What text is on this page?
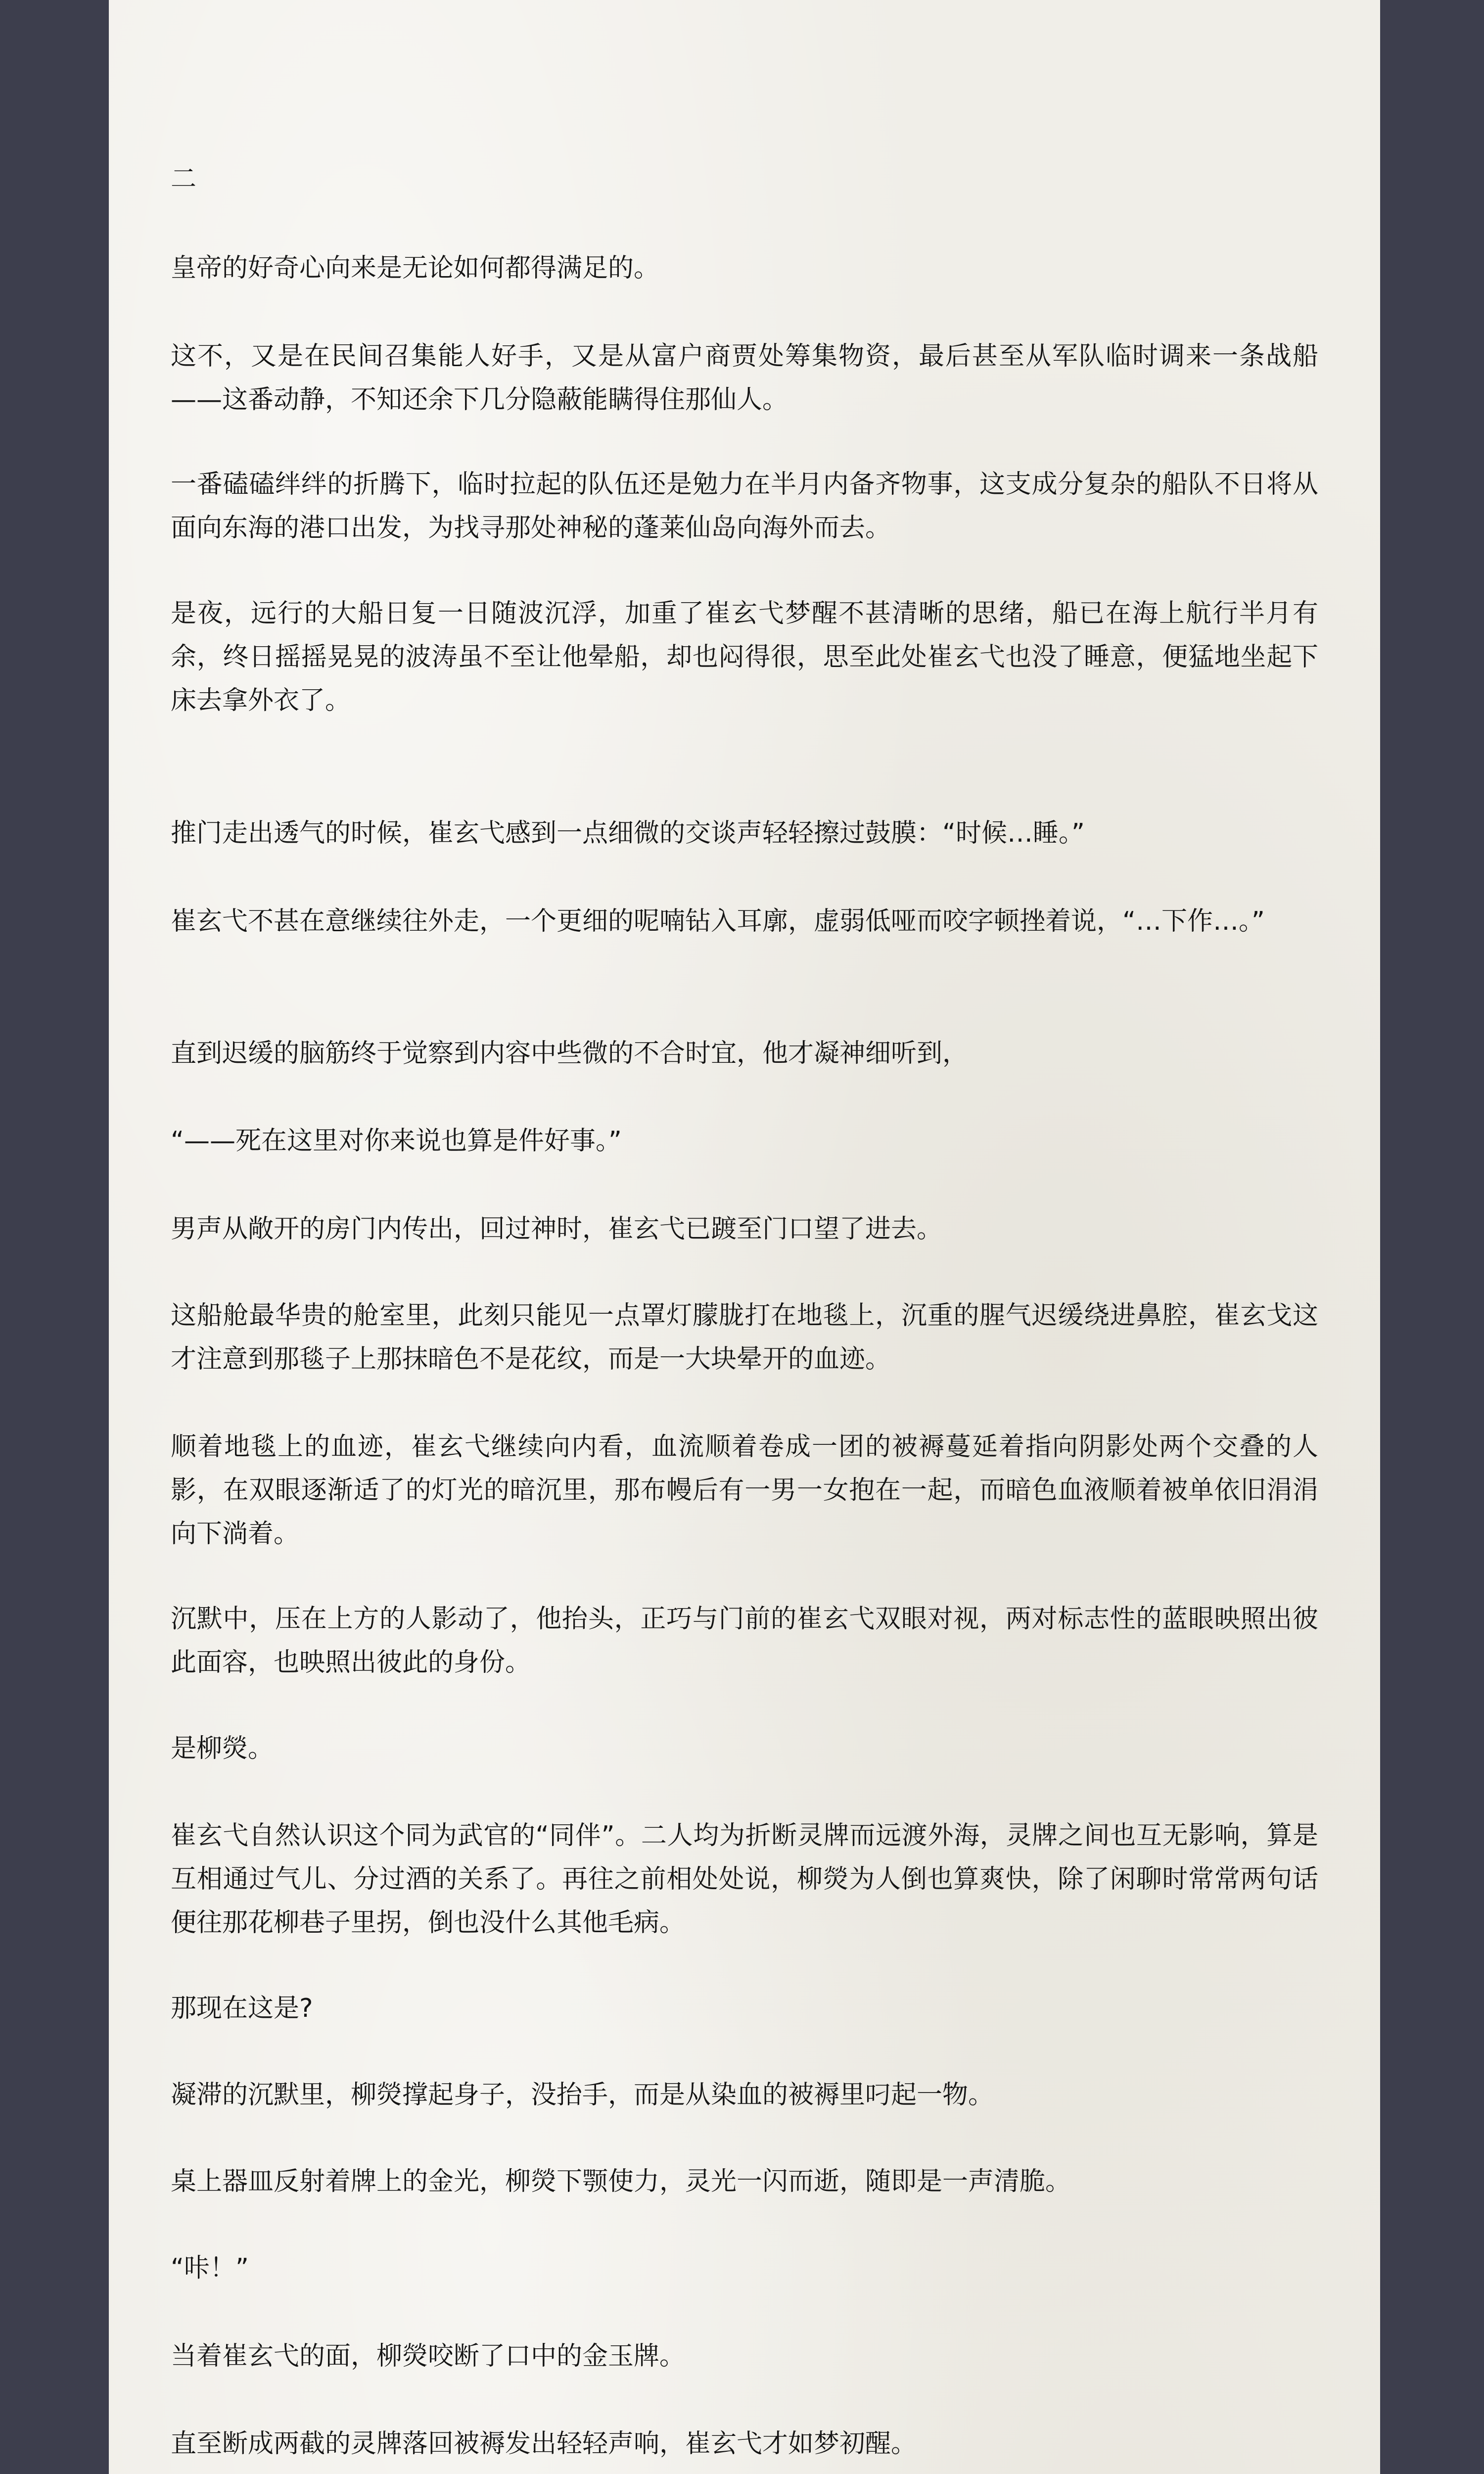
二

皇帝的好奇心向来是无论如何都得满足的。

这不，又是在民间召集能人好手，又是从富户商贾处筹集物资，最后甚至从军队临时调来一条战船——这番动静，不知还余下几分隐蔽能瞒得住那仙人。

一番磕磕绊绊的折腾下，临时拉起的队伍还是勉力在半月内备齐物事，这支成分复杂的船队不日将从面向东海的港口出发，为找寻那处神秘的蓬莱仙岛向海外而去。

是夜，远行的大船日复一日随波沉浮，加重了崔玄弋梦醒不甚清晰的思绪，船已在海上航行半月有余，终日摇摇晃晃的波涛虽不至让他晕船，却也闷得很，思至此处崔玄弋也没了睡意，便猛地坐起下床去拿外衣了。

推门走出透气的时候，崔玄弋感到一点细微的交谈声轻轻擦过鼓膜：“时候…睡。”

崔玄弋不甚在意继续往外走，一个更细的呢喃钻入耳廓，虚弱低哑而咬字顿挫着说，“…下作…。”

直到迟缓的脑筋终于觉察到内容中些微的不合时宜，他才凝神细听到，

“——死在这里对你来说也算是件好事。”

男声从敞开的房门内传出，回过神时，崔玄弋已踱至门口望了进去。

这船舱最华贵的舱室里，此刻只能见一点罩灯朦胧打在地毯上，沉重的腥气迟缓绕进鼻腔，崔玄戈这才注意到那毯子上那抹暗色不是花纹，而是一大块晕开的血迹。

顺着地毯上的血迹，崔玄弋继续向内看，血流顺着卷成一团的被褥蔓延着指向阴影处两个交叠的人影，在双眼逐渐适了的灯光的暗沉里，那布幔后有一男一女抱在一起，而暗色血液顺着被单依旧涓涓向下淌着。

沉默中，压在上方的人影动了，他抬头，正巧与门前的崔玄弋双眼对视，两对标志性的蓝眼映照出彼此面容，也映照出彼此的身份。

是柳熒。

崔玄弋自然认识这个同为武官的“同伴”。二人均为折断灵牌而远渡外海，灵牌之间也互无影响，算是互相通过气儿、分过酒的关系了。再往之前相处处说，柳熒为人倒也算爽快，除了闲聊时常常两句话便往那花柳巷子里拐，倒也没什么其他毛病。

那现在这是?

凝滞的沉默里，柳熒撑起身子，没抬手，而是从染血的被褥里叼起一物。

桌上器皿反射着牌上的金光，柳熒下颚使力，灵光一闪而逝，随即是一声清脆。

“咔！”

当着崔玄弋的面，柳熒咬断了口中的金玉牌。

直至断成两截的灵牌落回被褥发出轻轻声响，崔玄弋才如梦初醒。
